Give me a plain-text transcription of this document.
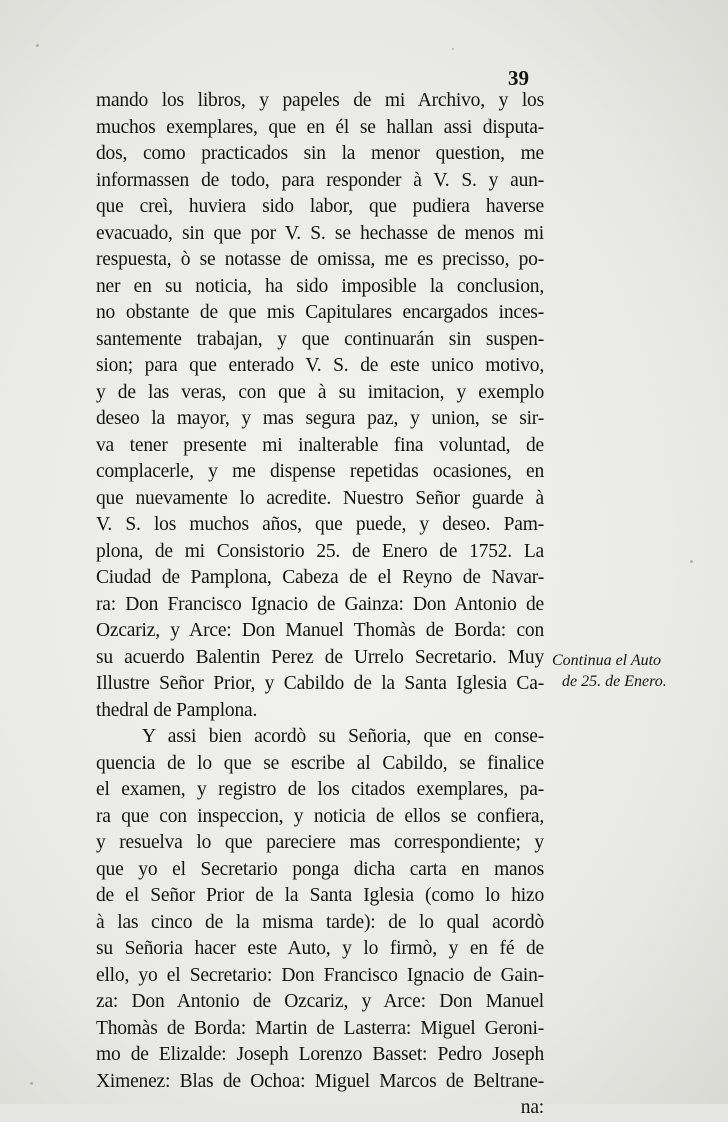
39
mando los libros, y papeles de mi Archivo, y los
muchos exemplares, que en él se hallan assi disputa-
dos, como practicados sin la menor question, me
informassen de todo, para responder à V. S. y aun-
que creì, huviera sido labor, que pudiera haverse
evacuado, sin que por V. S. se hechasse de menos mi
respuesta, ò se notasse de omissa, me es precisso, po-
ner en su noticia, ha sido imposible la conclusion,
no obstante de que mis Capitulares encargados inces-
santemente trabajan, y que continuarán sin suspen-
sion; para que enterado V. S. de este unico motivo,
y de las veras, con que à su imitacion, y exemplo
deseo la mayor, y mas segura paz, y union, se sir-
va tener presente mi inalterable fina voluntad, de
complacerle, y me dispense repetidas ocasiones, en
que nuevamente lo acredite. Nuestro Señor guarde à
V. S. los muchos años, que puede, y deseo. Pam-
plona, de mi Consistorio 25. de Enero de 1752. La
Ciudad de Pamplona, Cabeza de el Reyno de Navar-
ra: Don Francisco Ignacio de Gainza: Don Antonio de
Ozcariz, y Arce: Don Manuel Thomàs de Borda: con
su acuerdo Balentin Perez de Urrelo Secretario. Muy
Illustre Señor Prior, y Cabildo de la Santa Iglesia Ca-
thedral de Pamplona.
Y assi bien acordò su Señoria, que en conse-
quencia de lo que se escribe al Cabildo, se finalice
el examen, y registro de los citados exemplares, pa-
ra que con inspeccion, y noticia de ellos se confiera,
y resuelva lo que pareciere mas correspondiente; y
que yo el Secretario ponga dicha carta en manos
de el Señor Prior de la Santa Iglesia (como lo hizo
à las cinco de la misma tarde): de lo qual acordò
su Señoria hacer este Auto, y lo firmò, y en fé de
ello, yo el Secretario: Don Francisco Ignacio de Gain-
za: Don Antonio de Ozcariz, y Arce: Don Manuel
Thomàs de Borda: Martin de Lasterra: Miguel Geroni-
mo de Elizalde: Joseph Lorenzo Basset: Pedro Joseph
Ximenez: Blas de Ochoa: Miguel Marcos de Beltrane-
na:
Continua el Auto
de 25. de Enero.
